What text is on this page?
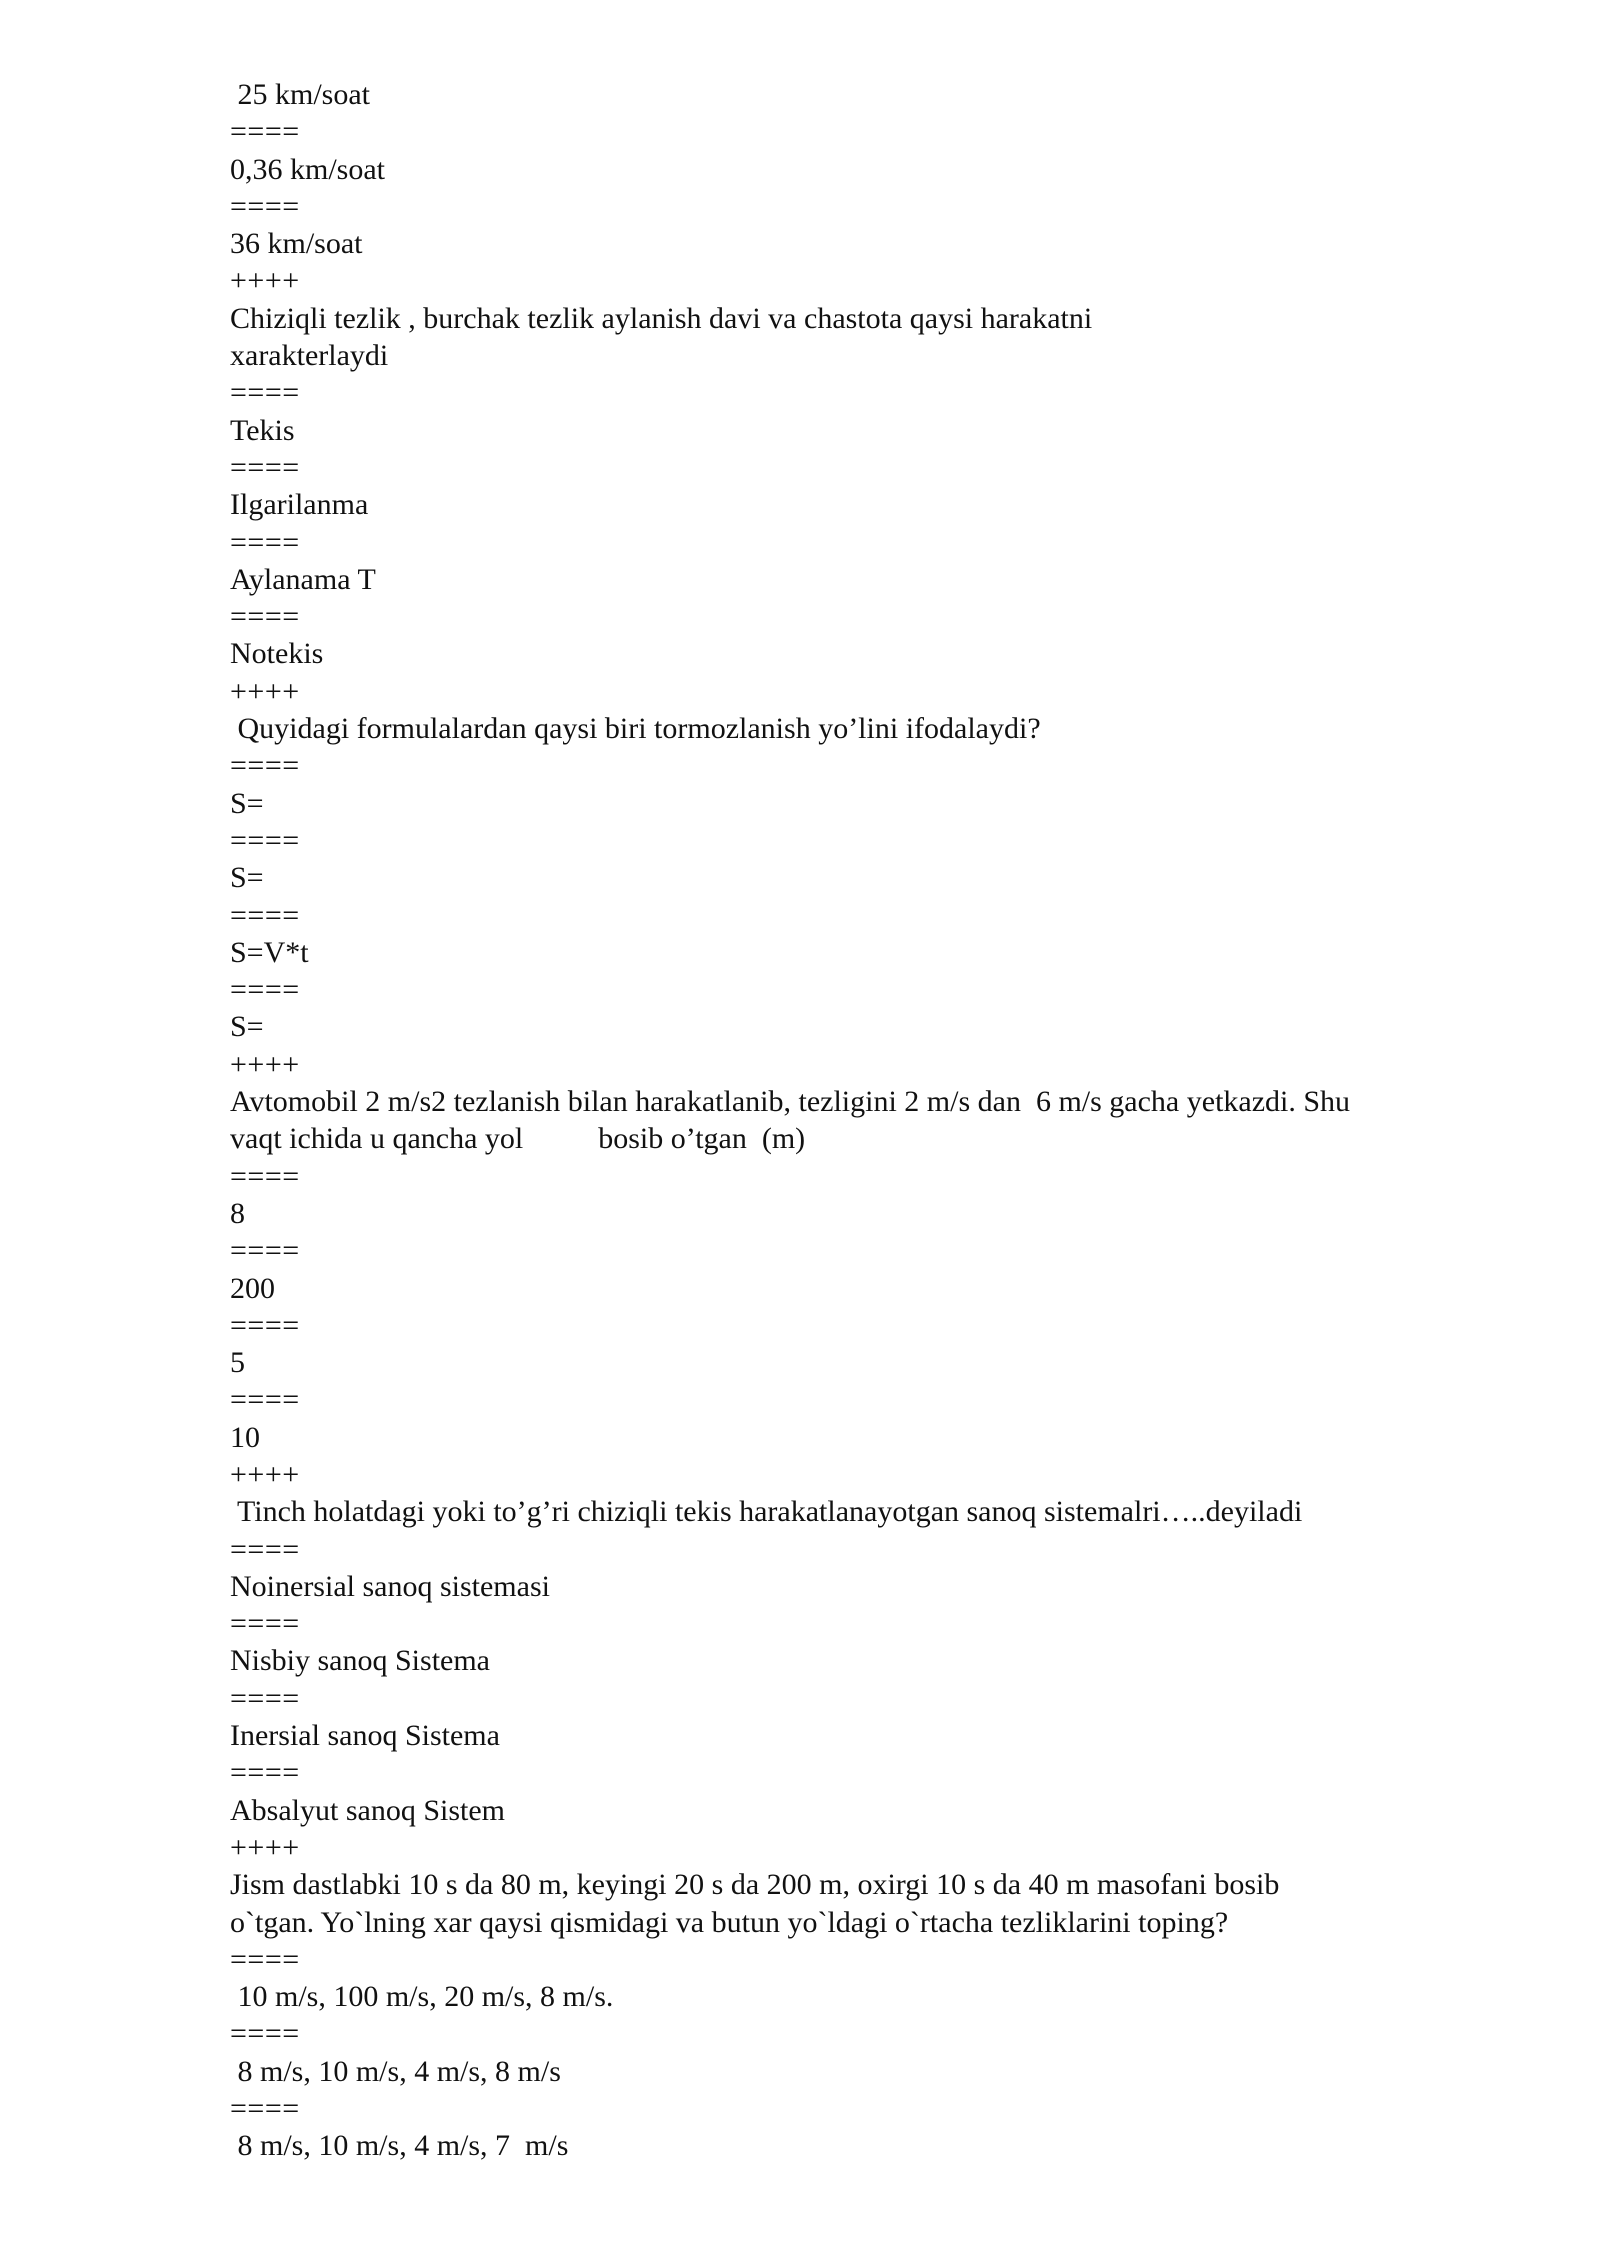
25 km/soat
====
0,36 km/soat
====
36 km/soat
++++
Chiziqli tezlik , burchak tezlik aylanish davi va chastota qaysi harakatni
xarakterlaydi
====
Tekis
====
Ilgarilanma
====
Aylanama T
====
Notekis
++++
Quyidagi formulalardan qaysi biri tormozlanish yo’lini ifodalaydi?
====
S=
====
S=
====
S=V*t
====
S=
++++
Avtomobil 2 m/s2 tezlanish bilan harakatlanib, tezligini 2 m/s dan  6 m/s gacha yetkazdi. Shu
vaqt ichida u qancha yol          bosib o’tgan  (m)
====
8
====
200
====
5
====
10
++++
Tinch holatdagi yoki to’g’ri chiziqli tekis harakatlanayotgan sanoq sistemalri…..deyiladi
====
Noinersial sanoq sistemasi
====
Nisbiy sanoq Sistema
====
Inersial sanoq Sistema
====
Absalyut sanoq Sistem
++++
Jism dastlabki 10 s da 80 m, keyingi 20 s da 200 m, oxirgi 10 s da 40 m masofani bosib
o`tgan. Yo`lning xar qaysi qismidagi va butun yo`ldagi o`rtacha tezliklarini toping?
====
10 m/s, 100 m/s, 20 m/s, 8 m/s.
====
8 m/s, 10 m/s, 4 m/s, 8 m/s
====
8 m/s, 10 m/s, 4 m/s, 7  m/s
